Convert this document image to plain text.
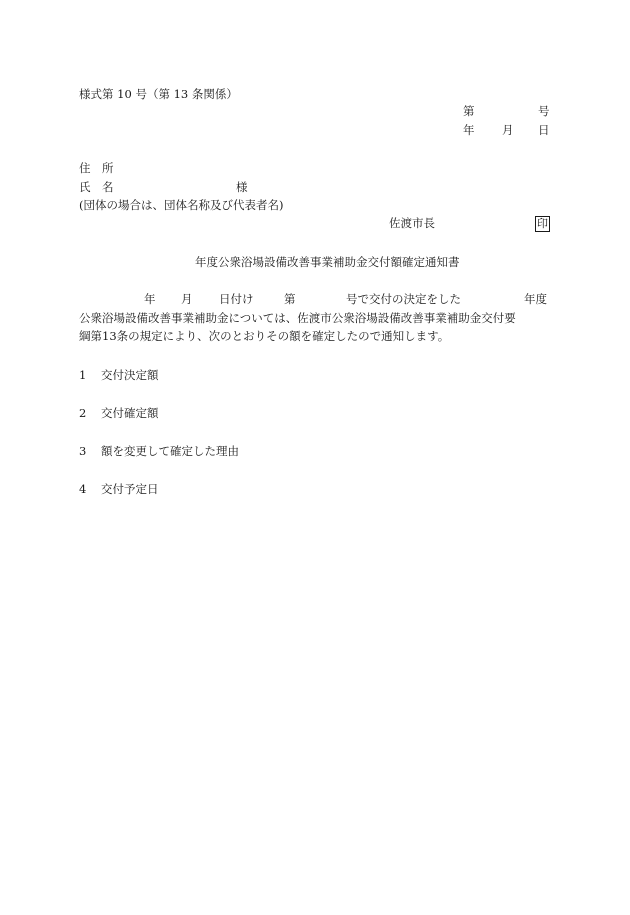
様式第 10 号（第 13 条関係）
第	号
年 月 日
住　所
氏　名	様
(団体の場合は、団体名称及び代表者名)
佐渡市長	印
年度公衆浴場設備改善事業補助金交付額確定通知書
年 月 日付け	第	号で交付の決定をした	年度
公衆浴場設備改善事業補助金については、佐渡市公衆浴場設備改善事業補助金交付要
綱第13条の規定により、次のとおりその額を確定したので通知します。
1 交付決定額
2 交付確定額
3 額を変更して確定した理由
4 交付予定日
